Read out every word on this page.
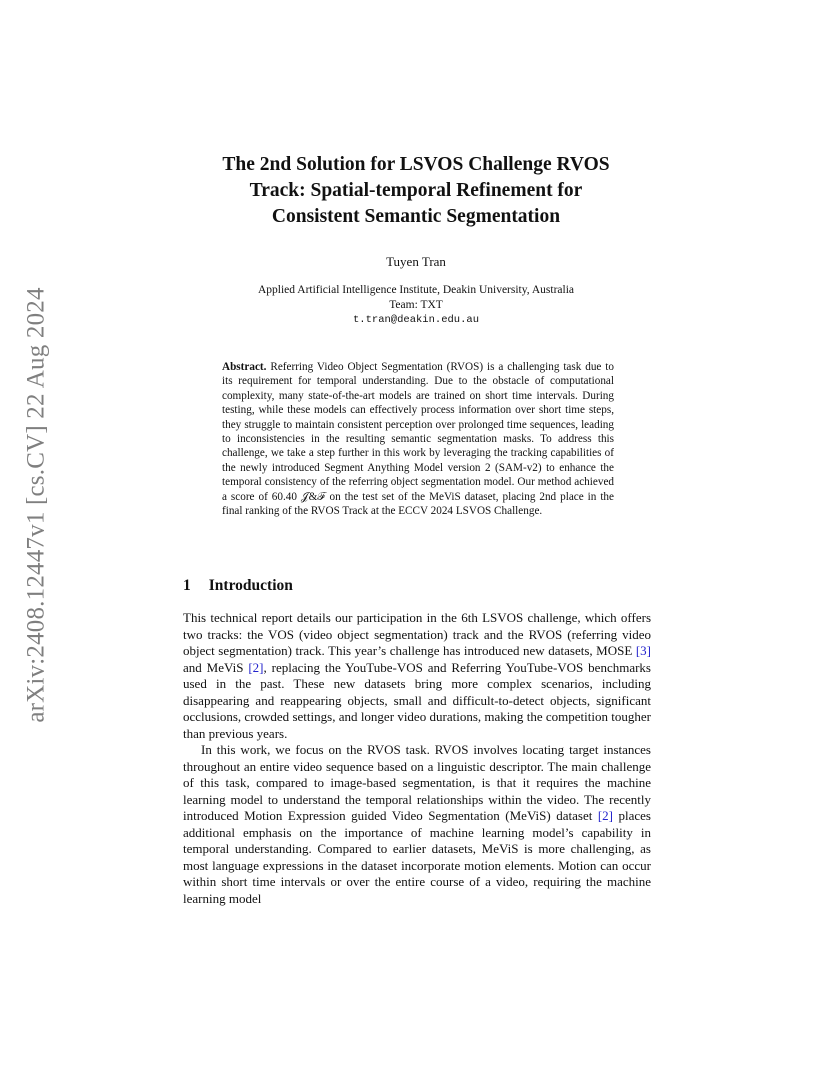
arXiv:2408.12447v1 [cs.CV] 22 Aug 2024
The 2nd Solution for LSVOS Challenge RVOS
Track: Spatial-temporal Refinement for
Consistent Semantic Segmentation
Tuyen Tran
Applied Artificial Intelligence Institute, Deakin University, Australia
Team: TXT
t.tran@deakin.edu.au

Abstract. Referring Video Object Segmentation (RVOS) is a challenging task due to its requirement for temporal understanding. Due to the obstacle of computational complexity, many state-of-the-art models are trained on short time intervals. During testing, while these models can effectively process information over short time steps, they struggle to maintain consistent perception over prolonged time sequences, leading to inconsistencies in the resulting semantic segmentation masks. To address this challenge, we take a step further in this work by leveraging the tracking capabilities of the newly introduced Segment Anything Model version 2 (SAM-v2) to enhance the temporal consistency of the referring object segmentation model. Our method achieved a score of 60.40 𝒥&ℱ on the test set of the MeViS dataset, placing 2nd place in the final ranking of the RVOS Track at the ECCV 2024 LSVOS Challenge.

1 Introduction

This technical report details our participation in the 6th LSVOS challenge, which offers two tracks: the VOS (video object segmentation) track and the RVOS (referring video object segmentation) track. This year’s challenge has introduced new datasets, MOSE [3] and MeViS [2], replacing the YouTube-VOS and Referring YouTube-VOS benchmarks used in the past. These new datasets bring more complex scenarios, including disappearing and reappearing objects, small and difficult-to-detect objects, significant occlusions, crowded settings, and longer video durations, making the competition tougher than previous years.

In this work, we focus on the RVOS task. RVOS involves locating target instances throughout an entire video sequence based on a linguistic descriptor. The main challenge of this task, compared to image-based segmentation, is that it requires the machine learning model to understand the temporal relationships within the video. The recently introduced Motion Expression guided Video Segmentation (MeViS) dataset [2] places additional emphasis on the importance of machine learning model’s capability in temporal understanding. Compared to earlier datasets, MeViS is more challenging, as most language expressions in the dataset incorporate motion elements. Motion can occur within short time intervals or over the entire course of a video, requiring the machine learning model
